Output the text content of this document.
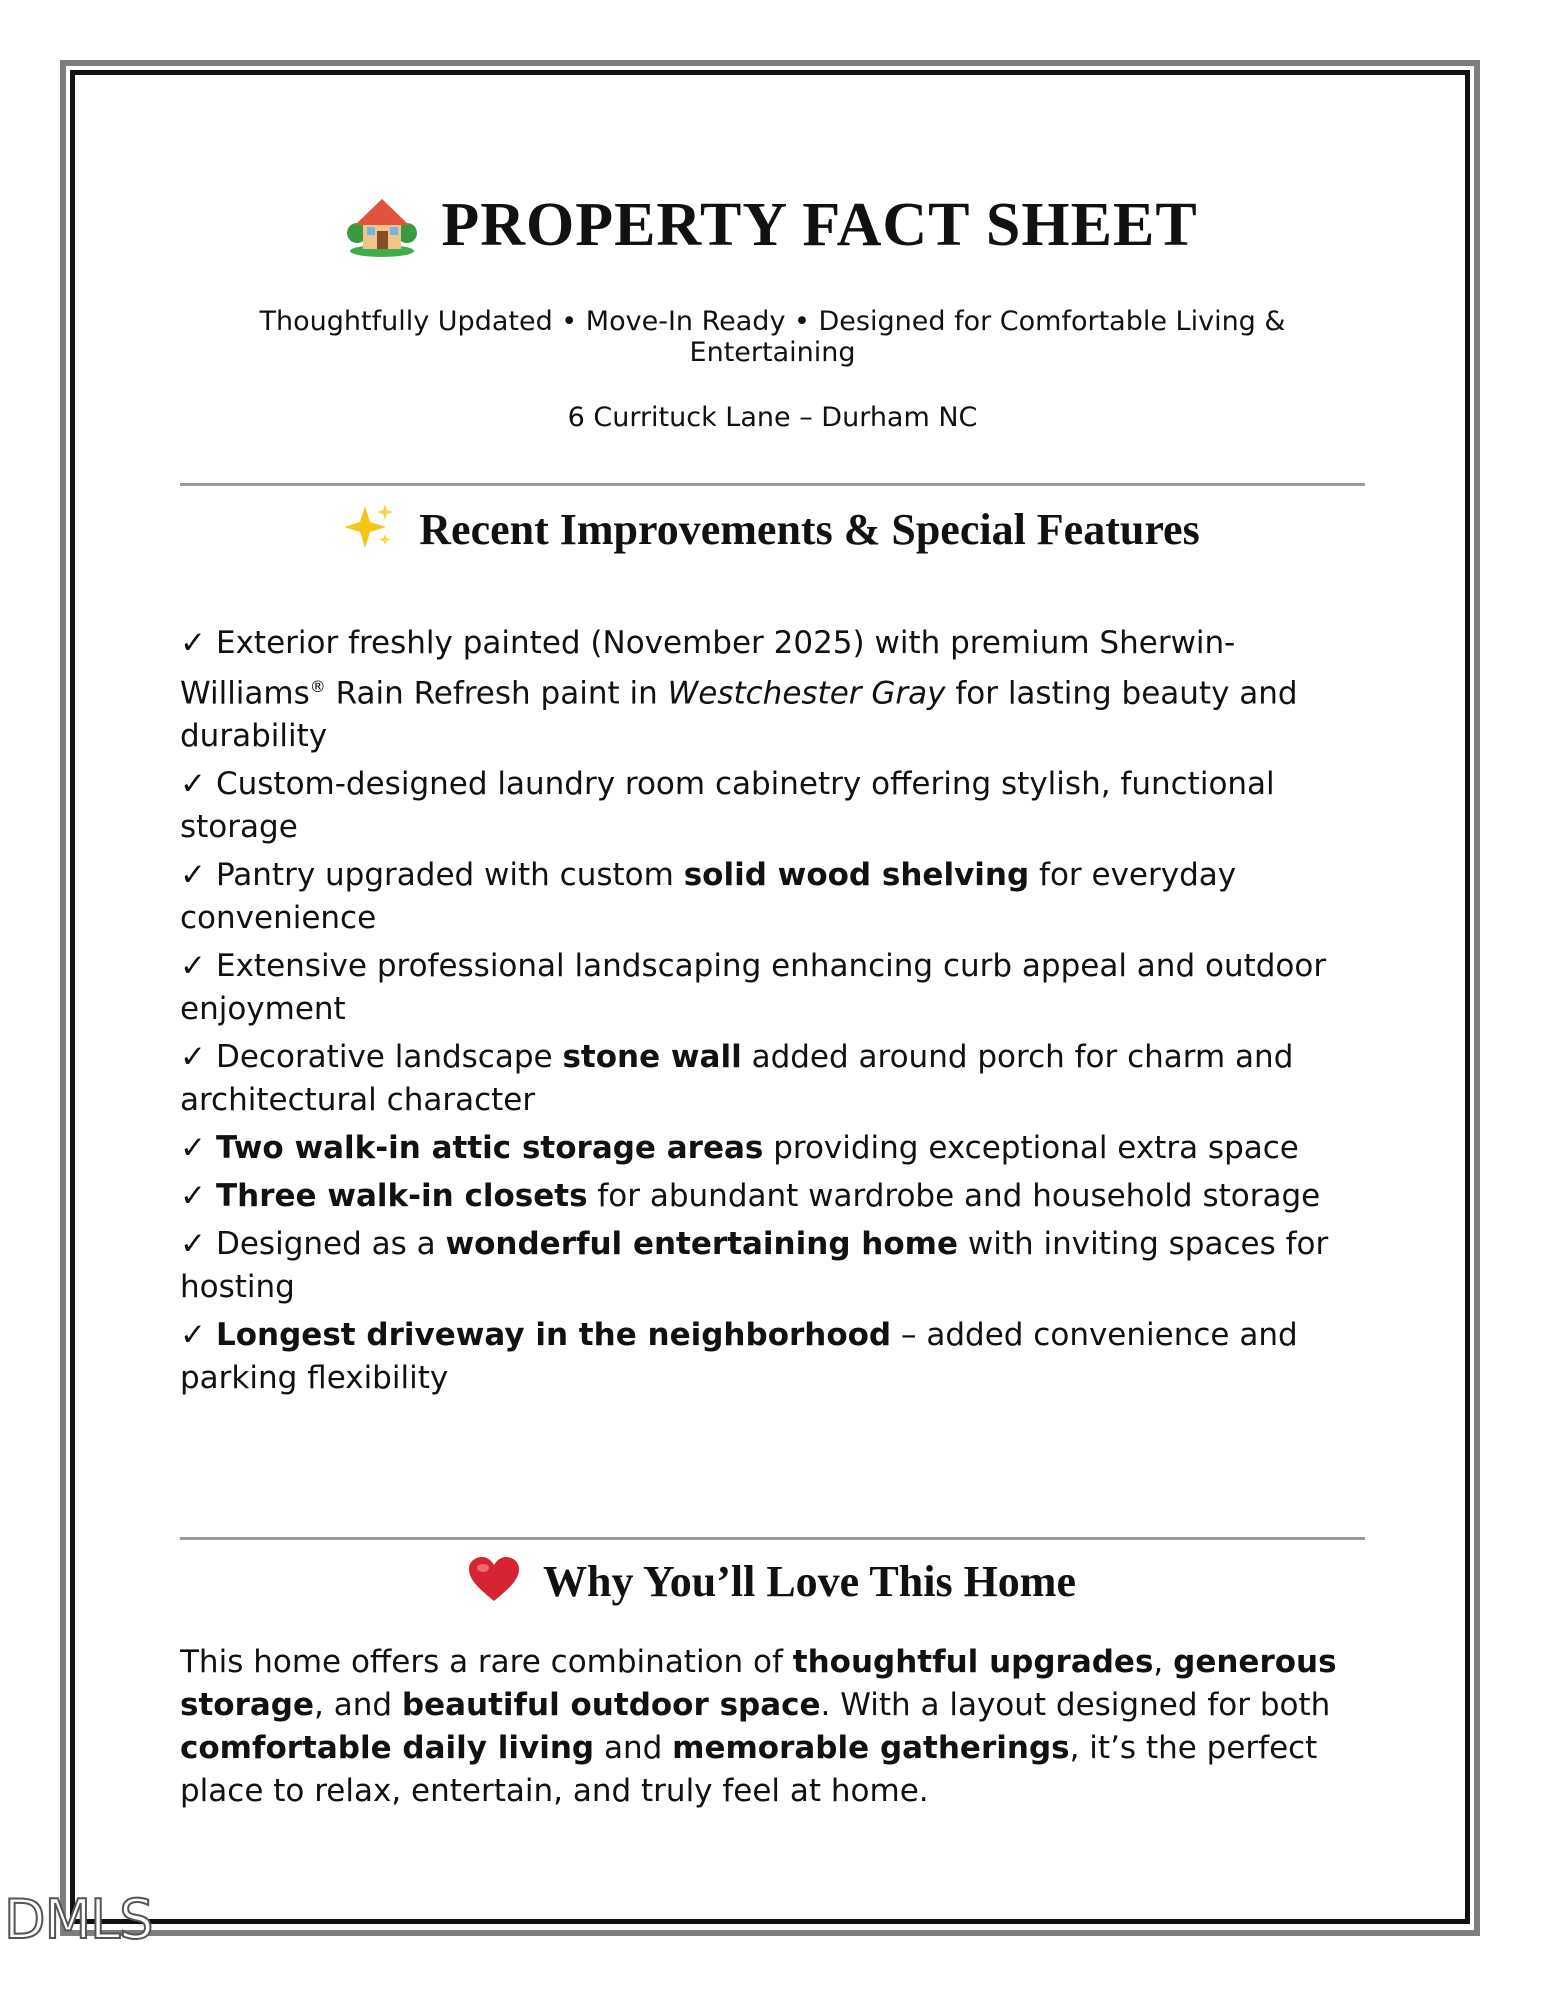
PROPERTY FACT SHEET
Thoughtfully Updated • Move-In Ready • Designed for Comfortable Living & Entertaining
6 Currituck Lane – Durham NC
Recent Improvements & Special Features
✓ Exterior freshly painted (November 2025) with premium Sherwin-Williams® Rain Refresh paint in Westchester Gray for lasting beauty and durability
✓ Custom-designed laundry room cabinetry offering stylish, functional storage
✓ Pantry upgraded with custom solid wood shelving for everyday convenience
✓ Extensive professional landscaping enhancing curb appeal and outdoor enjoyment
✓ Decorative landscape stone wall added around porch for charm and architectural character
✓ Two walk-in attic storage areas providing exceptional extra space
✓ Three walk-in closets for abundant wardrobe and household storage
✓ Designed as a wonderful entertaining home with inviting spaces for hosting
✓ Longest driveway in the neighborhood – added convenience and parking flexibility
Why You’ll Love This Home
This home offers a rare combination of thoughtful upgrades, generous storage, and beautiful outdoor space. With a layout designed for both comfortable daily living and memorable gatherings, it’s the perfect place to relax, entertain, and truly feel at home.
DMLS
